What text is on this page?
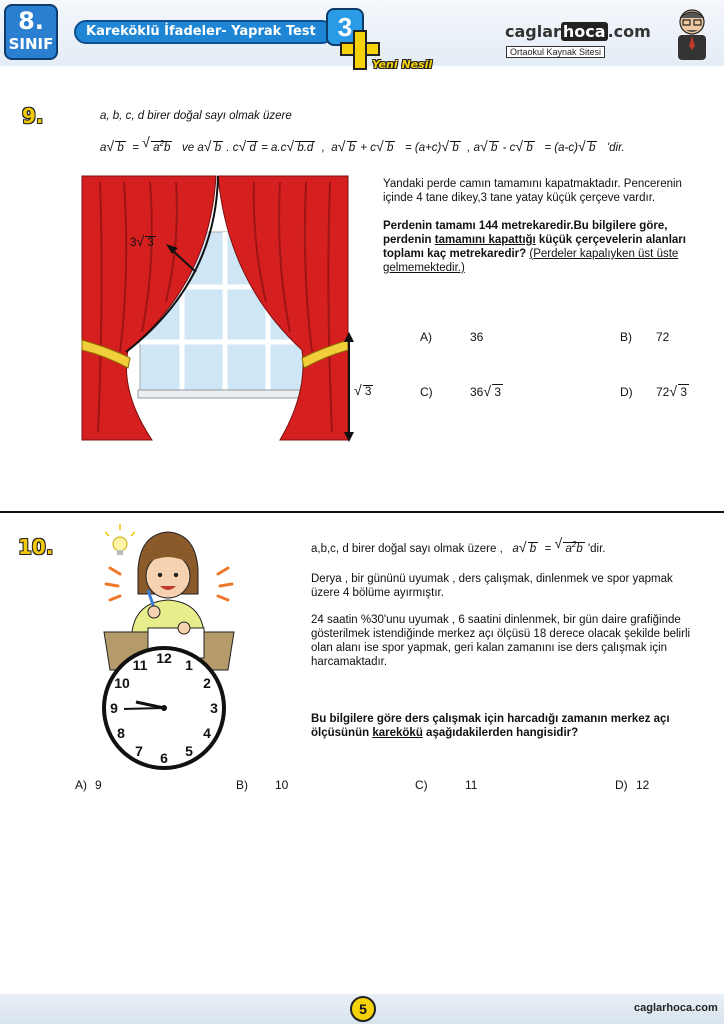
8.
SINIF
Kareköklü İfadeler- Yaprak Test 3
Yeni Nesil
caglar hoca .com
Ortaokul Kaynak Sitesi
9.	a, b, c, d birer doğal sayı olmak üzere
a √ b  = √ $a^2b$   ve a √ b . c √ d = a.c √ b.d  ,  a √ b + c √ b   = (a+c) √ b  , a √ b - c √ b   = (a-c) √ b 'dir.
3 √ 3
√ 3
Yandaki perde camın tamamını kapatmaktadır. Pencerenin içinde 4 tane dikey,3 tane yatay küçük çerçeve vardır.
Perdenin tamamı 144 metrekaredir.Bu bilgilere göre, perdenin tamamını kapattığı küçük çerçevelerin alanları toplamı kaç metrekaredir? (Perdeler kapalıyken üst üste gelmemektedir.)
A)	36	B) 72
C)	36 √ 3	D) 72 √ 3
10.
12 1
2
3
4
5
6
7
8
9
10
11
a,b,c, d birer doğal sayı olmak üzere , a √ b  = √ $a^2b$ 'dir.
Derya , bir gününü uyumak , ders çalışmak, dinlenmek ve spor yapmak üzere 4 bölüme ayırmıştır.
24 saatin %30'unu uyumak , 6 saatini dinlenmek, bir gün daire grafiğinde gösterilmek istendiğinde merkez açı ölçüsü 18 derece olacak şekilde belirli olan alanı ise spor yapmak, geri kalan zamanını ise ders çalışmak için harcamaktadır.
Bu bilgilere göre ders çalışmak için harcadığı zamanın merkez açı ölçüsünün karekökü aşağıdakilerden hangisidir?
A) 9	B) 10	C)	11	D) 12
5	caglarhoca.com
